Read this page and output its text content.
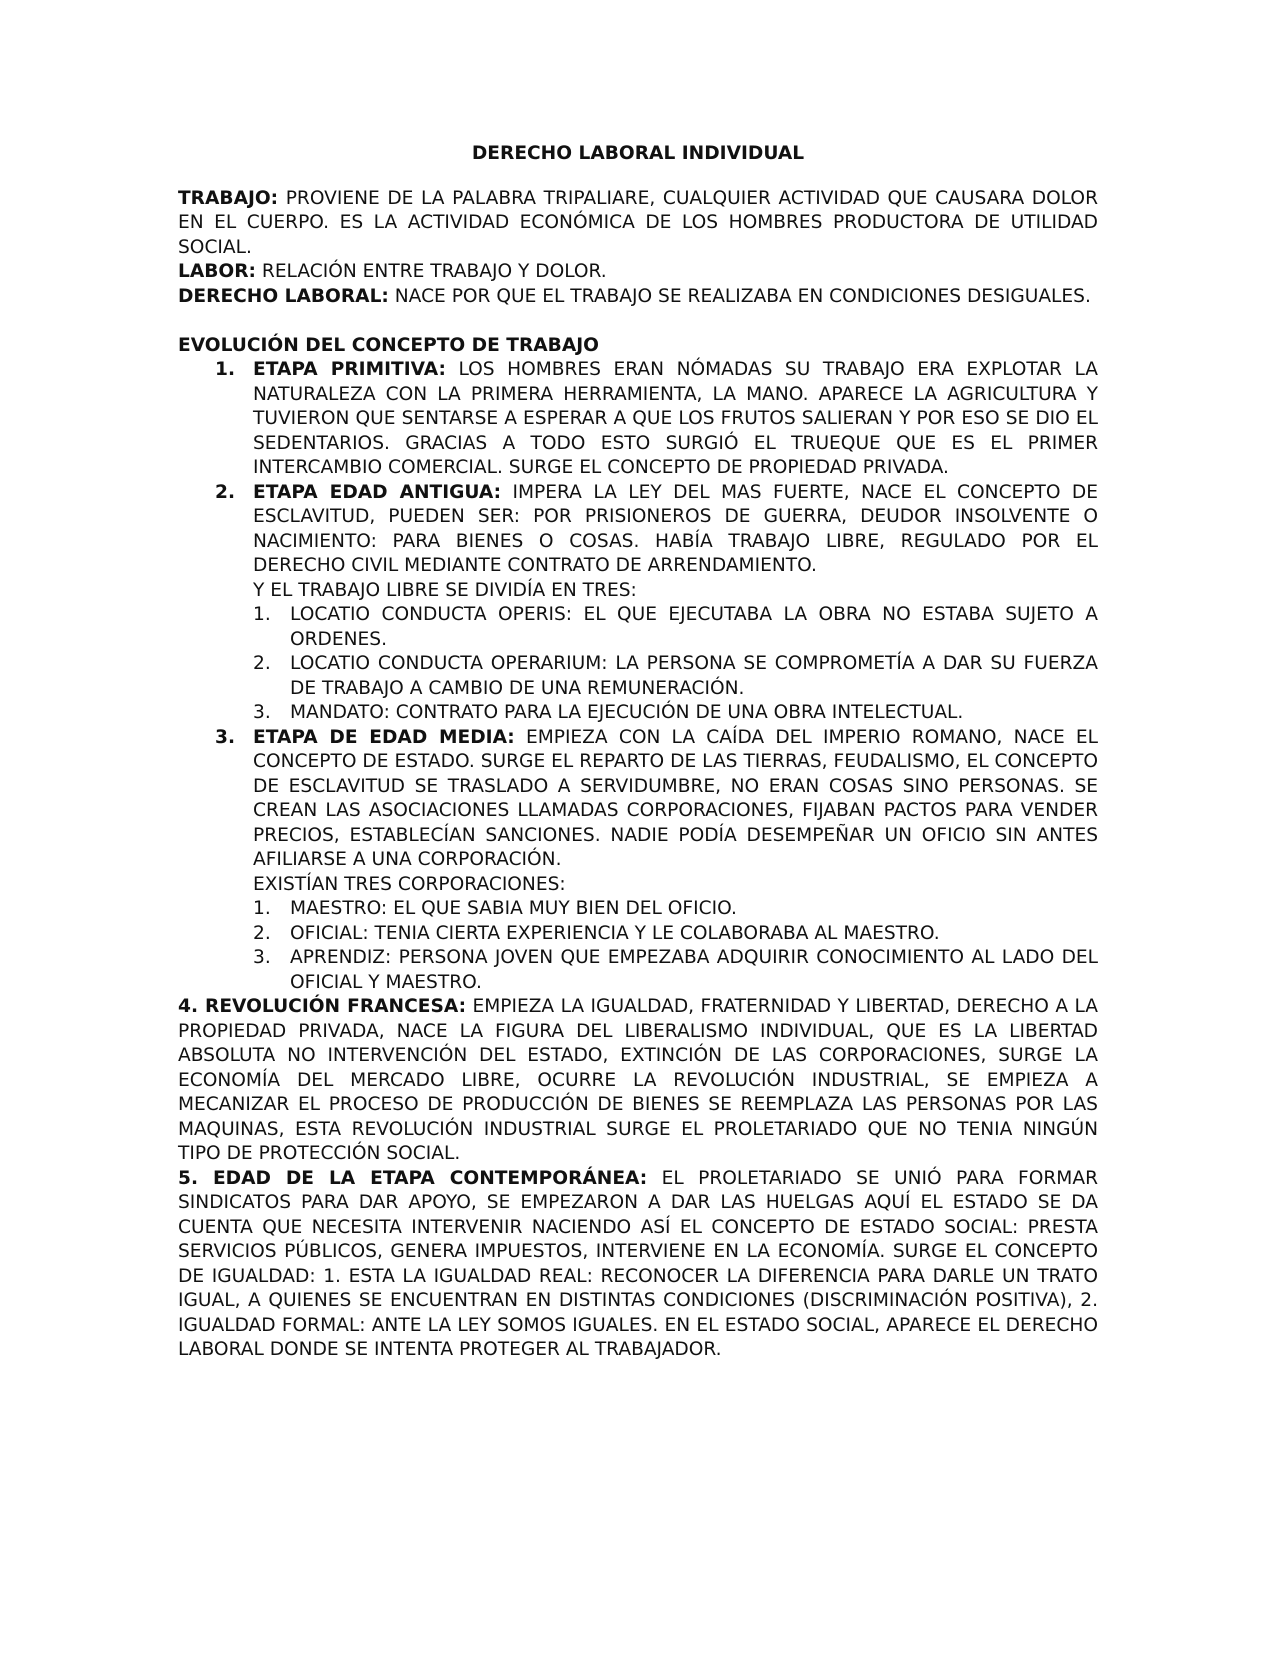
DERECHO LABORAL INDIVIDUAL

TRABAJO: PROVIENE DE LA PALABRA TRIPALIARE, CUALQUIER ACTIVIDAD QUE CAUSARA DOLOR EN EL CUERPO. ES LA ACTIVIDAD ECONÓMICA DE LOS HOMBRES PRODUCTORA DE UTILIDAD SOCIAL.

LABOR: RELACIÓN ENTRE TRABAJO Y DOLOR.

DERECHO LABORAL: NACE POR QUE EL TRABAJO SE REALIZABA EN CONDICIONES DESIGUALES.

EVOLUCIÓN DEL CONCEPTO DE TRABAJO
1. ETAPA PRIMITIVA: LOS HOMBRES ERAN NÓMADAS SU TRABAJO ERA EXPLOTAR LA NATURALEZA CON LA PRIMERA HERRAMIENTA, LA MANO. APARECE LA AGRICULTURA Y TUVIERON QUE SENTARSE A ESPERAR A QUE LOS FRUTOS SALIERAN Y POR ESO SE DIO EL SEDENTARIOS. GRACIAS A TODO ESTO SURGIÓ EL TRUEQUE QUE ES EL PRIMER INTERCAMBIO COMERCIAL. SURGE EL CONCEPTO DE PROPIEDAD PRIVADA.
2. ETAPA EDAD ANTIGUA: IMPERA LA LEY DEL MAS FUERTE, NACE EL CONCEPTO DE ESCLAVITUD, PUEDEN SER: POR PRISIONEROS DE GUERRA, DEUDOR INSOLVENTE O NACIMIENTO: PARA BIENES O COSAS. HABÍA TRABAJO LIBRE, REGULADO POR EL DERECHO CIVIL MEDIANTE CONTRATO DE ARRENDAMIENTO.
Y EL TRABAJO LIBRE SE DIVIDÍA EN TRES:
1. LOCATIO CONDUCTA OPERIS: EL QUE EJECUTABA LA OBRA NO ESTABA SUJETO A ORDENES.
2. LOCATIO CONDUCTA OPERARIUM: LA PERSONA SE COMPROMETÍA A DAR SU FUERZA DE TRABAJO A CAMBIO DE UNA REMUNERACIÓN.
3. MANDATO: CONTRATO PARA LA EJECUCIÓN DE UNA OBRA INTELECTUAL.
3. ETAPA DE EDAD MEDIA: EMPIEZA CON LA CAÍDA DEL IMPERIO ROMANO, NACE EL CONCEPTO DE ESTADO. SURGE EL REPARTO DE LAS TIERRAS, FEUDALISMO, EL CONCEPTO DE ESCLAVITUD SE TRASLADO A SERVIDUMBRE, NO ERAN COSAS SINO PERSONAS. SE CREAN LAS ASOCIACIONES LLAMADAS CORPORACIONES, FIJABAN PACTOS PARA VENDER PRECIOS, ESTABLECÍAN SANCIONES. NADIE PODÍA DESEMPEÑAR UN OFICIO SIN ANTES AFILIARSE A UNA CORPORACIÓN.
EXISTÍAN TRES CORPORACIONES:
1. MAESTRO: EL QUE SABIA MUY BIEN DEL OFICIO.
2. OFICIAL: TENIA CIERTA EXPERIENCIA Y LE COLABORABA AL MAESTRO.
3. APRENDIZ: PERSONA JOVEN QUE EMPEZABA ADQUIRIR CONOCIMIENTO AL LADO DEL OFICIAL Y MAESTRO.

4. REVOLUCIÓN FRANCESA: EMPIEZA LA IGUALDAD, FRATERNIDAD Y LIBERTAD, DERECHO A LA PROPIEDAD PRIVADA, NACE LA FIGURA DEL LIBERALISMO INDIVIDUAL, QUE ES LA LIBERTAD ABSOLUTA NO INTERVENCIÓN DEL ESTADO, EXTINCIÓN DE LAS CORPORACIONES, SURGE LA ECONOMÍA DEL MERCADO LIBRE, OCURRE LA REVOLUCIÓN INDUSTRIAL, SE EMPIEZA A MECANIZAR EL PROCESO DE PRODUCCIÓN DE BIENES SE REEMPLAZA LAS PERSONAS POR LAS MAQUINAS, ESTA REVOLUCIÓN INDUSTRIAL SURGE EL PROLETARIADO QUE NO TENIA NINGÚN TIPO DE PROTECCIÓN SOCIAL.

5. EDAD DE LA ETAPA CONTEMPORÁNEA: EL PROLETARIADO SE UNIÓ PARA FORMAR SINDICATOS PARA DAR APOYO, SE EMPEZARON A DAR LAS HUELGAS AQUÍ EL ESTADO SE DA CUENTA QUE NECESITA INTERVENIR NACIENDO ASÍ EL CONCEPTO DE ESTADO SOCIAL: PRESTA SERVICIOS PÚBLICOS, GENERA IMPUESTOS, INTERVIENE EN LA ECONOMÍA. SURGE EL CONCEPTO DE IGUALDAD: 1. ESTA LA IGUALDAD REAL: RECONOCER LA DIFERENCIA PARA DARLE UN TRATO IGUAL, A QUIENES SE ENCUENTRAN EN DISTINTAS CONDICIONES (DISCRIMINACIÓN POSITIVA), 2. IGUALDAD FORMAL: ANTE LA LEY SOMOS IGUALES. EN EL ESTADO SOCIAL, APARECE EL DERECHO LABORAL DONDE SE INTENTA PROTEGER AL TRABAJADOR.
